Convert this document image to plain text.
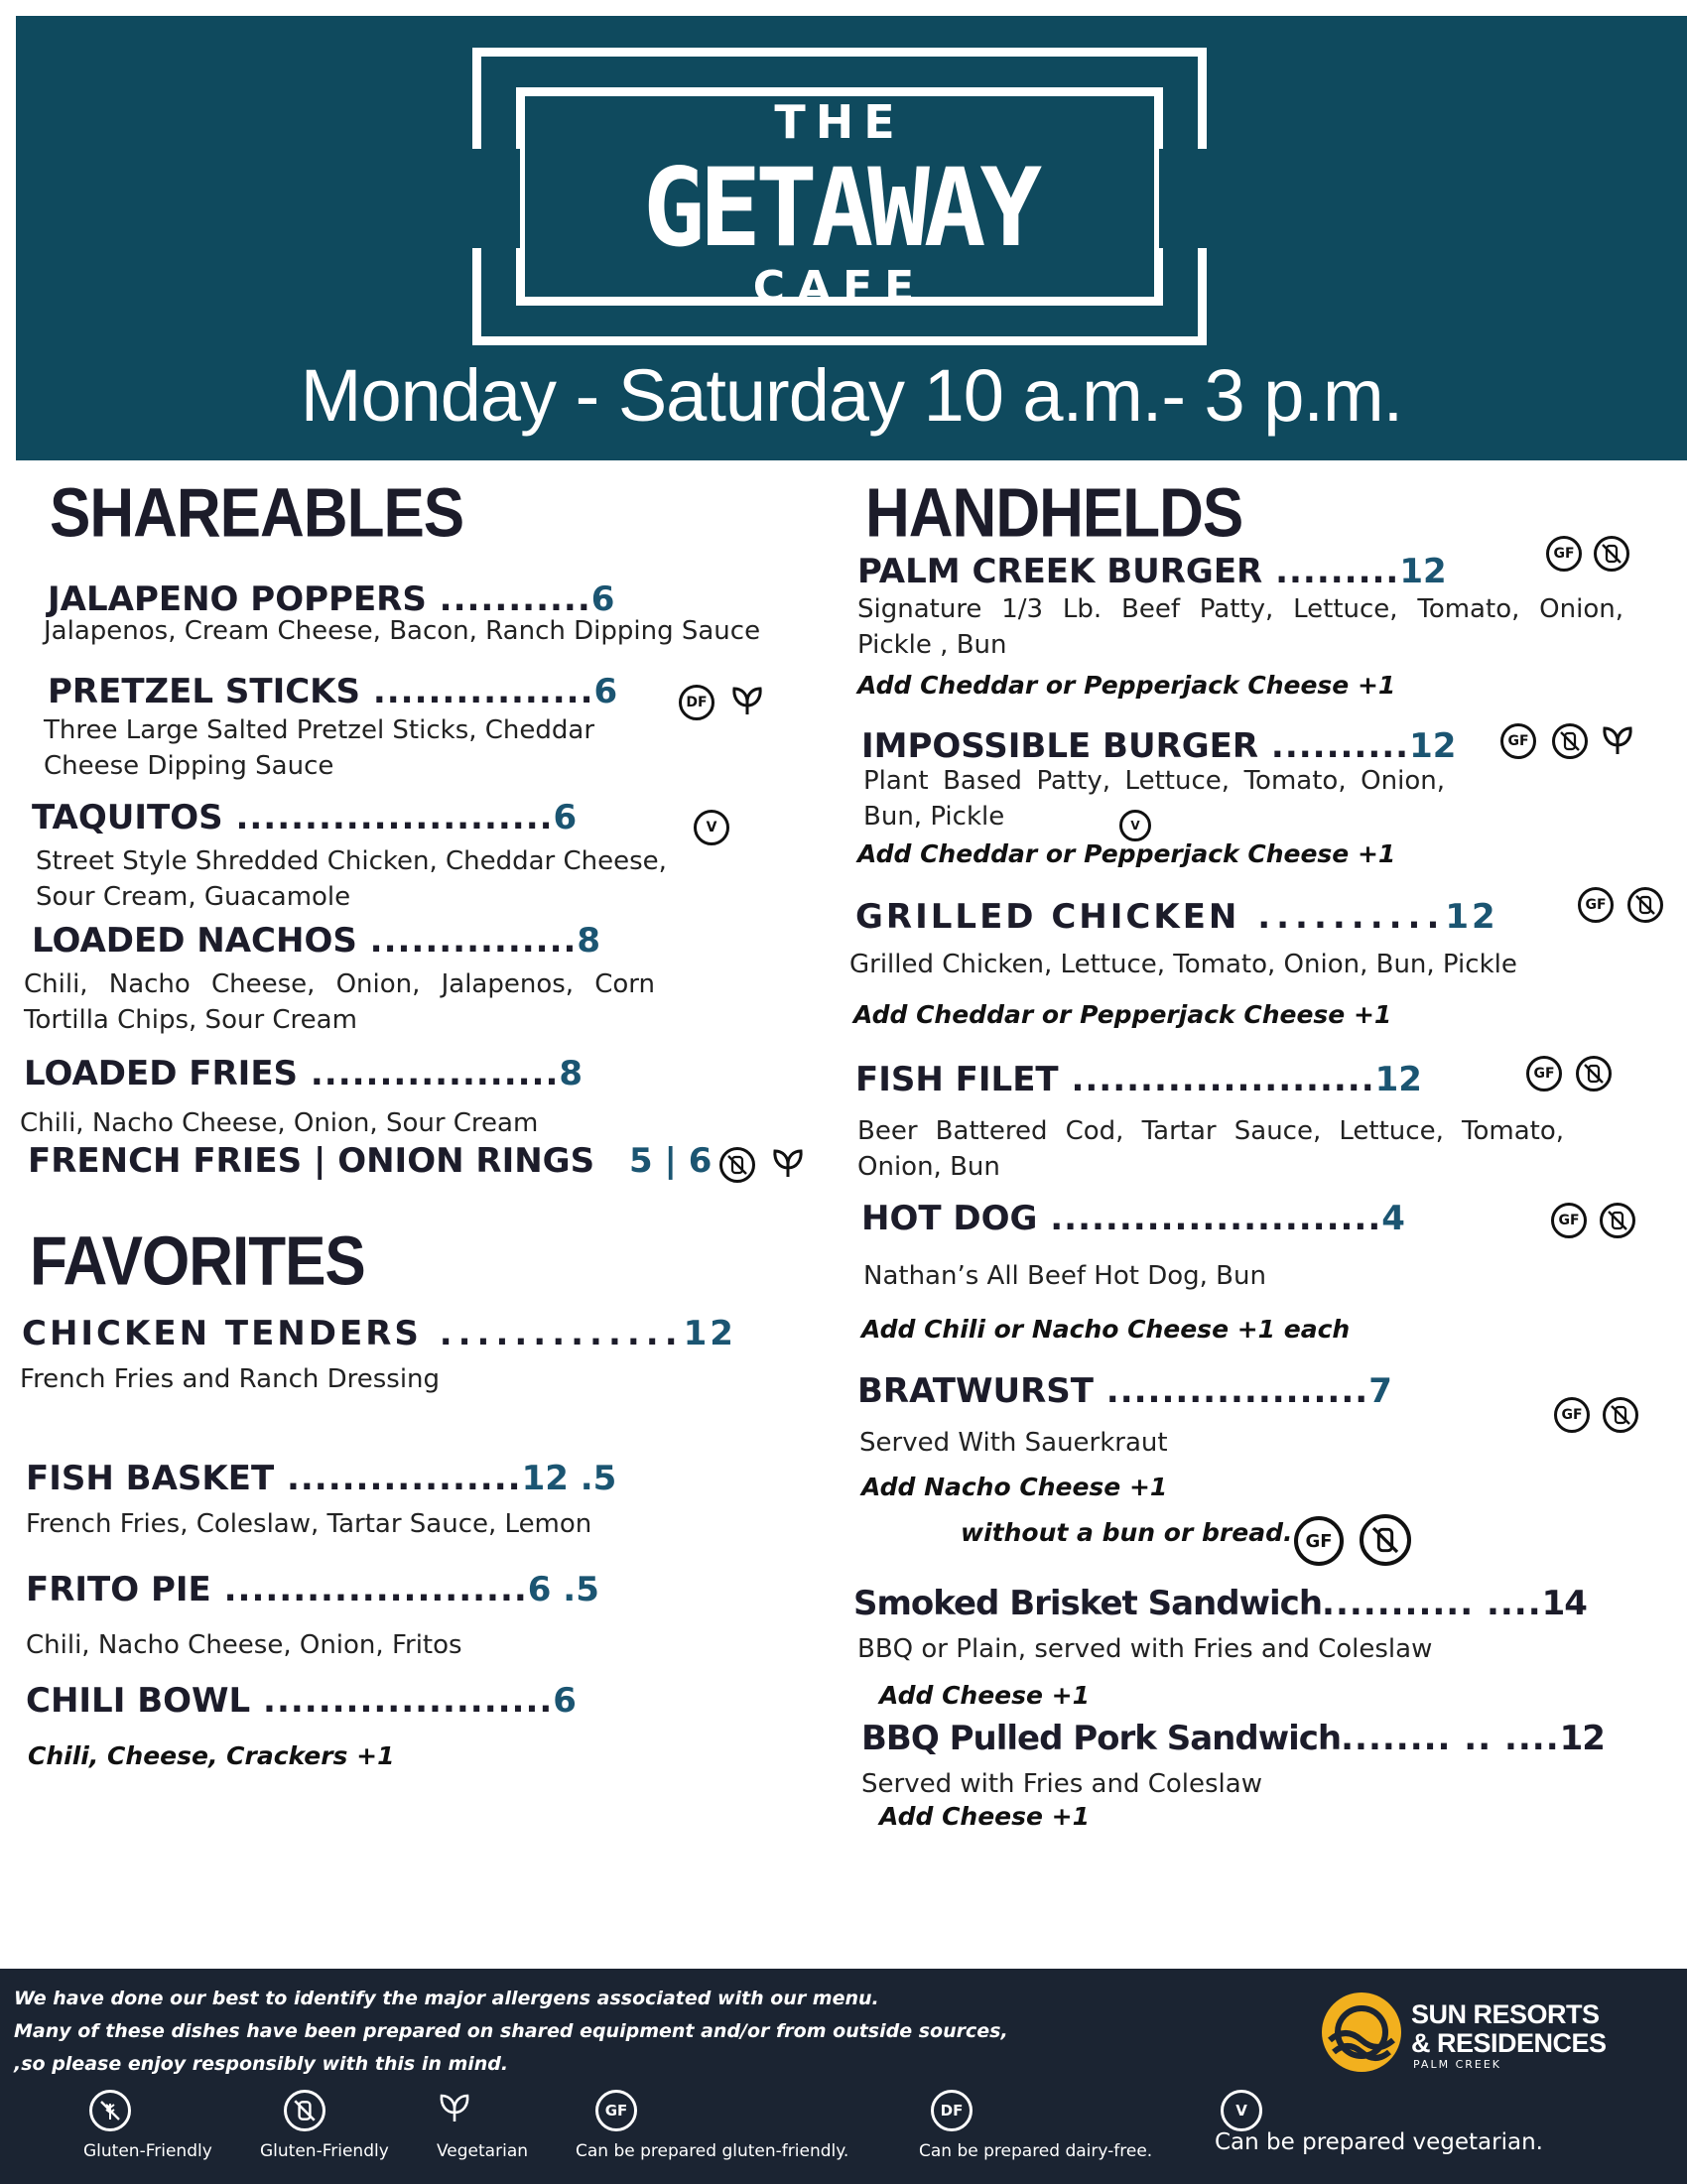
THE
GETAWAY
CAFE
Monday - Saturday 10 a.m.- 3 p.m.
SHAREABLES
JALAPENO POPPERS ...........6
Jalapenos, Cream Cheese, Bacon, Ranch Dipping Sauce
PRETZEL STICKS ................6	DF
Three Large Salted Pretzel Sticks, Cheddar Cheese Dipping Sauce
TAQUITOS .......................6	V
Street Style Shredded Chicken, Cheddar Cheese, Sour Cream, Guacamole
LOADED NACHOS ...............8
Chili, Nacho Cheese, Onion, Jalapenos, Corn Tortilla Chips, Sour Cream
LOADED FRIES ..................8
Chili, Nacho Cheese, Onion, Sour Cream
FRENCH FRIES | ONION RINGS 5 | 6
FAVORITES
CHICKEN TENDERS .............12
French Fries and Ranch Dressing
FISH BASKET .................12 .5
French Fries, Coleslaw, Tartar Sauce, Lemon
FRITO PIE ......................6 .5
Chili, Nacho Cheese, Onion, Fritos
CHILI BOWL .....................6
Chili, Cheese, Crackers +1
HANDHELDS
PALM CREEK BURGER .........12	GF
Signature 1/3 Lb. Beef Patty, Lettuce, Tomato, Onion, Pickle , Bun
Add Cheddar or Pepperjack Cheese +1
IMPOSSIBLE BURGER ..........12	GF
Plant Based Patty, Lettuce, Tomato, Onion, Bun, Pickle	V
Add Cheddar or Pepperjack Cheese +1
GRILLED CHICKEN ..........12	GF
Grilled Chicken, Lettuce, Tomato, Onion, Bun, Pickle
Add Cheddar or Pepperjack Cheese +1
FISH FILET ......................12	GF
Beer Battered Cod, Tartar Sauce, Lettuce, Tomato, Onion, Bun
HOT DOG ........................4	GF
Nathan’s All Beef Hot Dog, Bun
Add Chili or Nacho Cheese +1 each
BRATWURST ...................7
GF
Served With Sauerkraut
Add Nacho Cheese +1
without a bun or bread. GF
Smoked Brisket Sandwich........... ....14
BBQ or Plain, served with Fries and Coleslaw
Add Cheese +1
BBQ Pulled Pork Sandwich........ .. ....12
Served with Fries and Coleslaw
Add Cheese +1
We have done our best to identify the major allergens associated with our menu.
Many of these dishes have been prepared on shared equipment and/or from outside sources,
,so please enjoy responsibly with this in mind.
Gluten-Friendly	Gluten-Friendly	Vegetarian
GF
Can be prepared gluten-friendly.
DF
Can be prepared dairy-free.
V
Can be prepared vegetarian.
SUN RESORTS
& RESIDENCES
PALM CREEK
